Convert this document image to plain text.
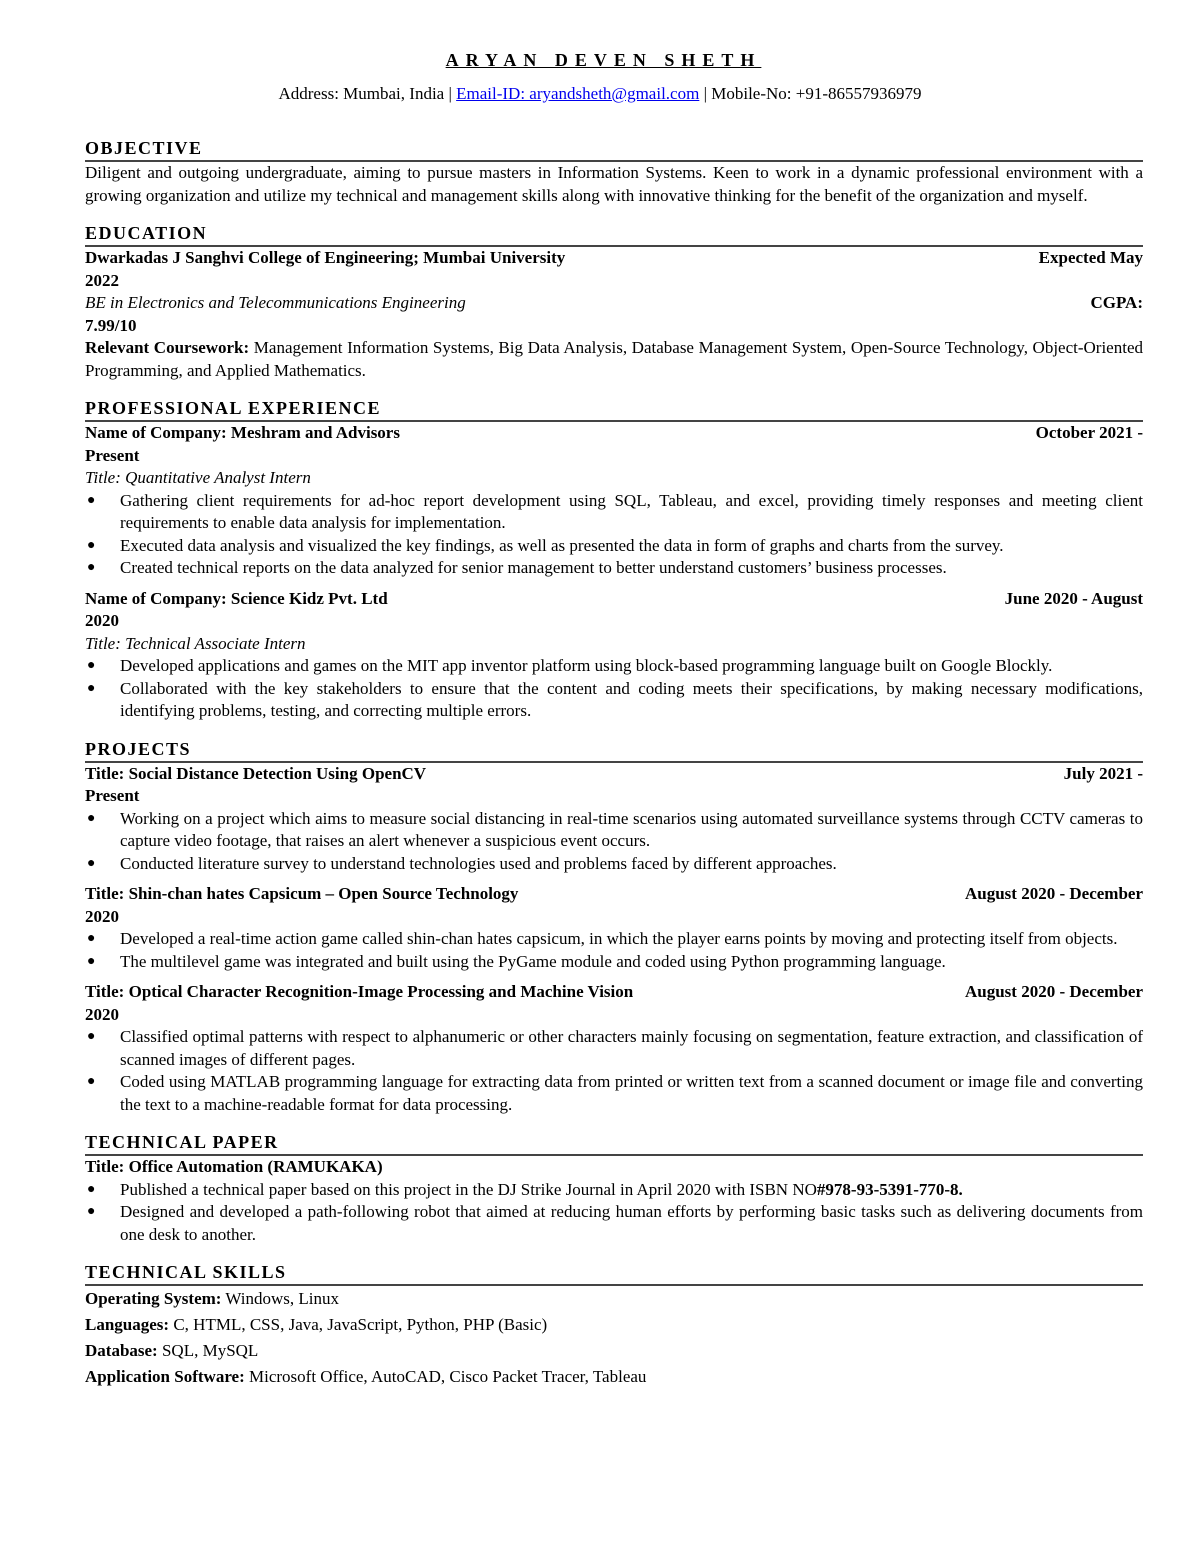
ARYAN DEVEN SHETH
Address: Mumbai, India | Email-ID: aryandsheth@gmail.com | Mobile-No: +91-86557936979
OBJECTIVE
Diligent and outgoing undergraduate, aiming to pursue masters in Information Systems. Keen to work in a dynamic professional environment with a growing organization and utilize my technical and management skills along with innovative thinking for the benefit of the organization and myself.
EDUCATION
Dwarkadas J Sanghvi College of Engineering; Mumbai University	Expected May
2022
BE in Electronics and Telecommunications Engineering	CGPA:
7.99/10
Relevant Coursework: Management Information Systems, Big Data Analysis, Database Management System, Open-Source Technology, Object-Oriented Programming, and Applied Mathematics.
PROFESSIONAL EXPERIENCE
Name of Company: Meshram and Advisors	October 2021 -
Present
Title: Quantitative Analyst Intern
● Gathering client requirements for ad-hoc report development using SQL, Tableau, and excel, providing timely responses and meeting client requirements to enable data analysis for implementation.
● Executed data analysis and visualized the key findings, as well as presented the data in form of graphs and charts from the survey.
● Created technical reports on the data analyzed for senior management to better understand customers’ business processes.
Name of Company: Science Kidz Pvt. Ltd	June 2020 - August
2020
Title: Technical Associate Intern
● Developed applications and games on the MIT app inventor platform using block-based programming language built on Google Blockly.
● Collaborated with the key stakeholders to ensure that the content and coding meets their specifications, by making necessary modifications, identifying problems, testing, and correcting multiple errors.
PROJECTS
Title: Social Distance Detection Using OpenCV	July 2021 -
Present
● Working on a project which aims to measure social distancing in real-time scenarios using automated surveillance systems through CCTV cameras to capture video footage, that raises an alert whenever a suspicious event occurs.
● Conducted literature survey to understand technologies used and problems faced by different approaches.
Title: Shin-chan hates Capsicum – Open Source Technology	August 2020 - December
2020
● Developed a real-time action game called shin-chan hates capsicum, in which the player earns points by moving and protecting itself from objects.
● The multilevel game was integrated and built using the PyGame module and coded using Python programming language.
Title: Optical Character Recognition-Image Processing and Machine Vision	August 2020 - December
2020
● Classified optimal patterns with respect to alphanumeric or other characters mainly focusing on segmentation, feature extraction, and classification of scanned images of different pages.
● Coded using MATLAB programming language for extracting data from printed or written text from a scanned document or image file and converting the text to a machine-readable format for data processing.
TECHNICAL PAPER
Title: Office Automation (RAMUKAKA)
● Published a technical paper based on this project in the DJ Strike Journal in April 2020 with ISBN NO#978-93-5391-770-8.
● Designed and developed a path-following robot that aimed at reducing human efforts by performing basic tasks such as delivering documents from one desk to another.
TECHNICAL SKILLS
Operating System: Windows, Linux
Languages: C, HTML, CSS, Java, JavaScript, Python, PHP (Basic)
Database: SQL, MySQL
Application Software: Microsoft Office, AutoCAD, Cisco Packet Tracer, Tableau
